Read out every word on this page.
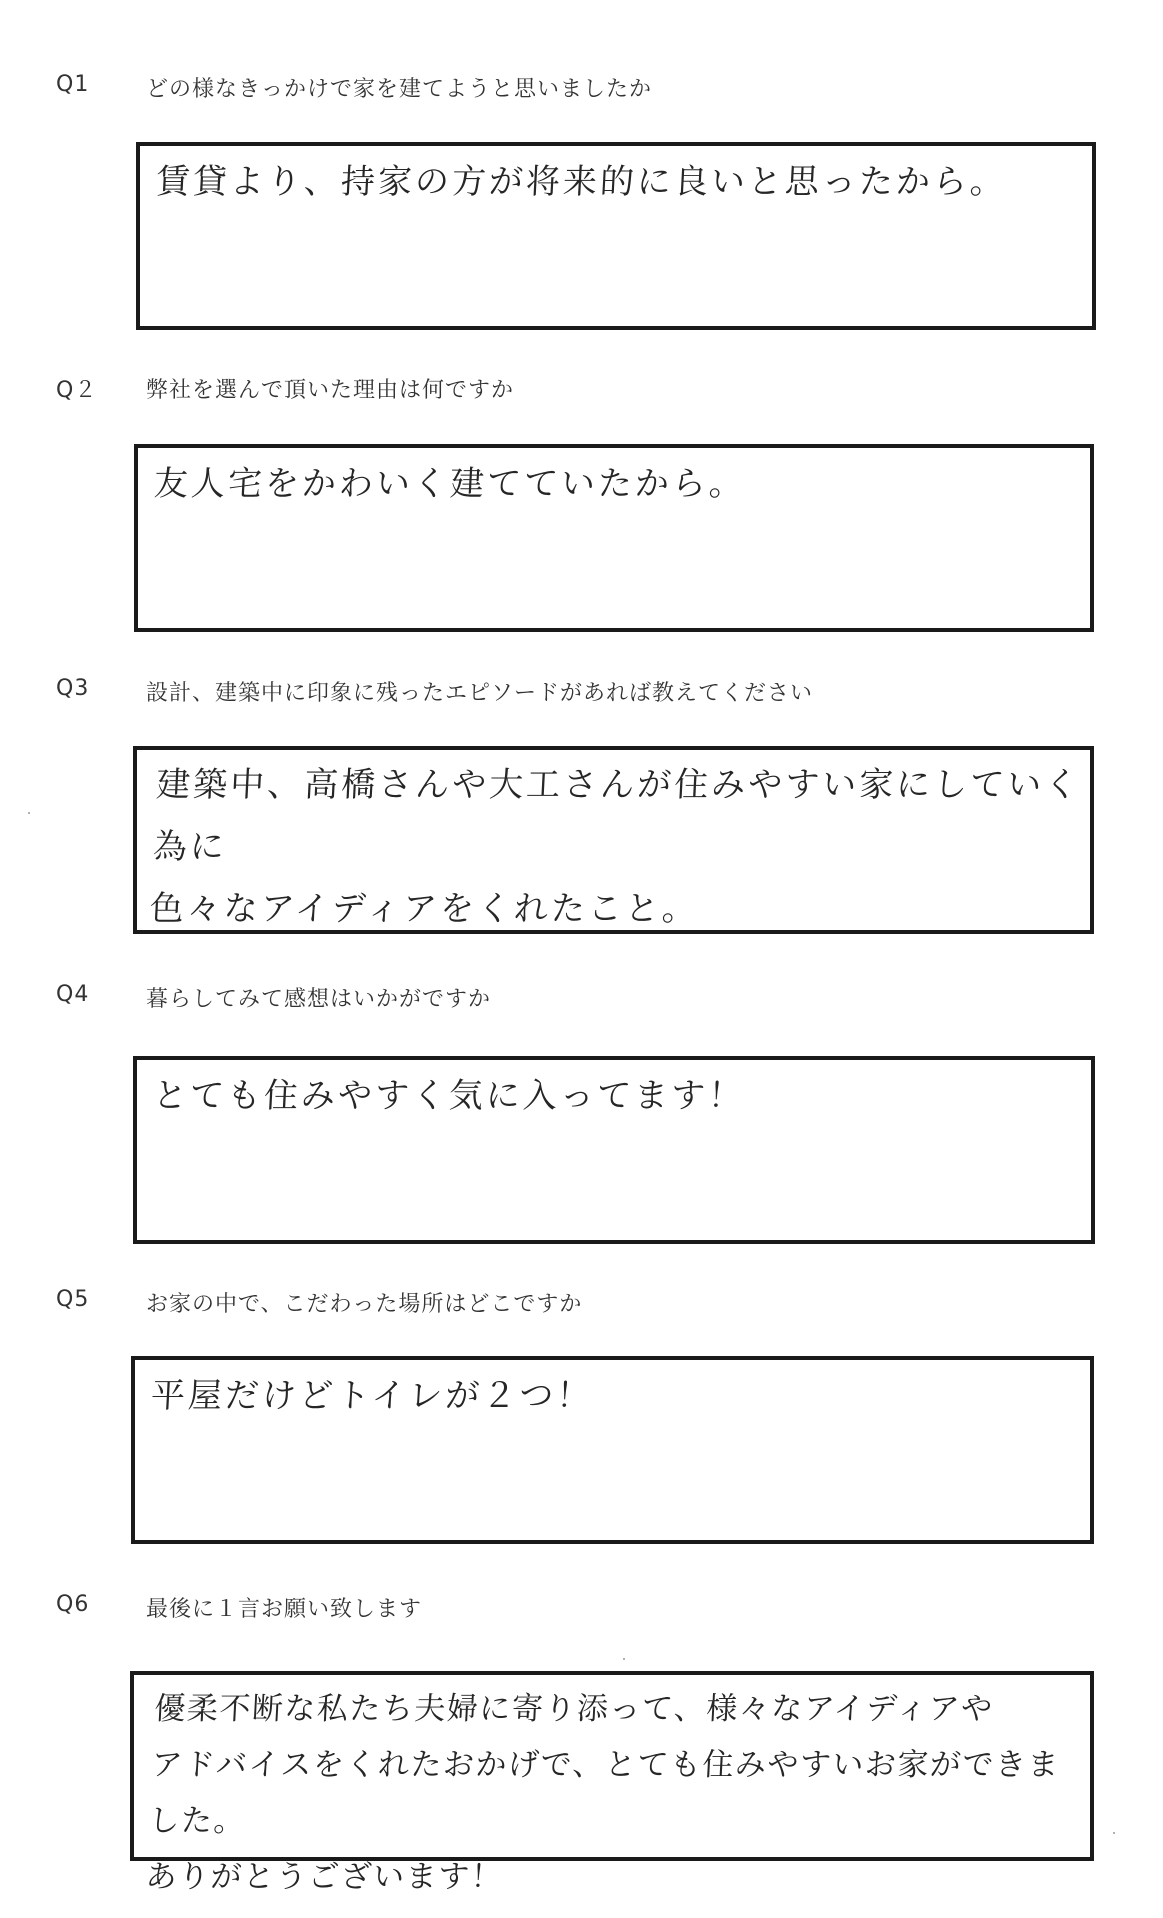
Q1	どの様なきっかけで家を建てようと思いましたか
賃貸より、持家の方が将来的に良いと思ったから。
Q２ 弊社を選んで頂いた理由は何ですか
友人宅をかわいく建てていたから。
Q3	設計、建築中に印象に残ったエピソードがあれば教えてください
建築中、高橋さんや大工さんが住みやすい家にしていく為に
色々なアイディアをくれたこと。
Q4	暮らしてみて感想はいかがですか
とても住みやすく気に入ってます！
Q5	お家の中で、こだわった場所はどこですか
平屋だけどトイレが２つ！
Q6	最後に１言お願い致します
優柔不断な私たち夫婦に寄り添って、様々なアイディアや
アドバイスをくれたおかげで、とても住みやすいお家ができました。
ありがとうございます！
